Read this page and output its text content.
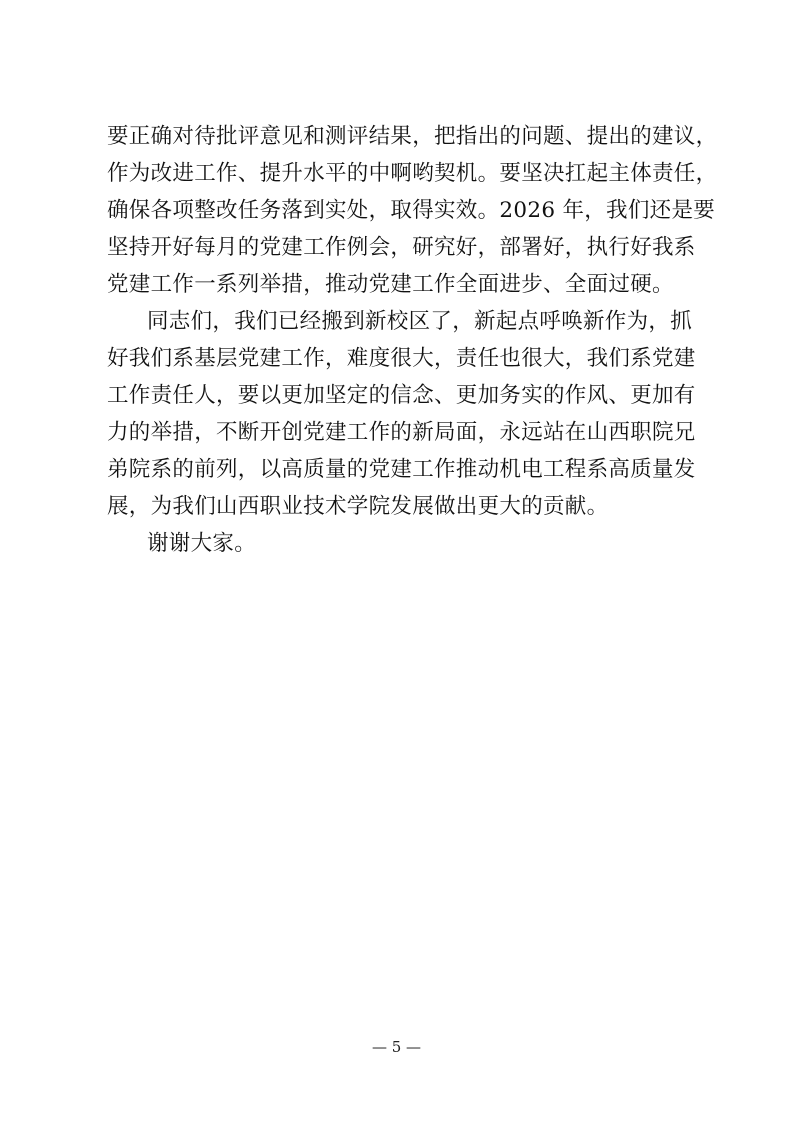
要正确对待批评意见和测评结果，把指出的问题、提出的建议，
作为改进工作、提升水平的中啊哟契机。要坚决扛起主体责任，
确保各项整改任务落到实处，取得实效。2026 年，我们还是要
坚持开好每月的党建工作例会，研究好，部署好，执行好我系
党建工作一系列举措，推动党建工作全面进步、全面过硬。
同志们，我们已经搬到新校区了，新起点呼唤新作为，抓
好我们系基层党建工作，难度很大，责任也很大，我们系党建
工作责任人，要以更加坚定的信念、更加务实的作风、更加有
力的举措，不断开创党建工作的新局面，永远站在山西职院兄
弟院系的前列，以高质量的党建工作推动机电工程系高质量发
展，为我们山西职业技术学院发展做出更大的贡献。
谢谢大家。
— 5 —
